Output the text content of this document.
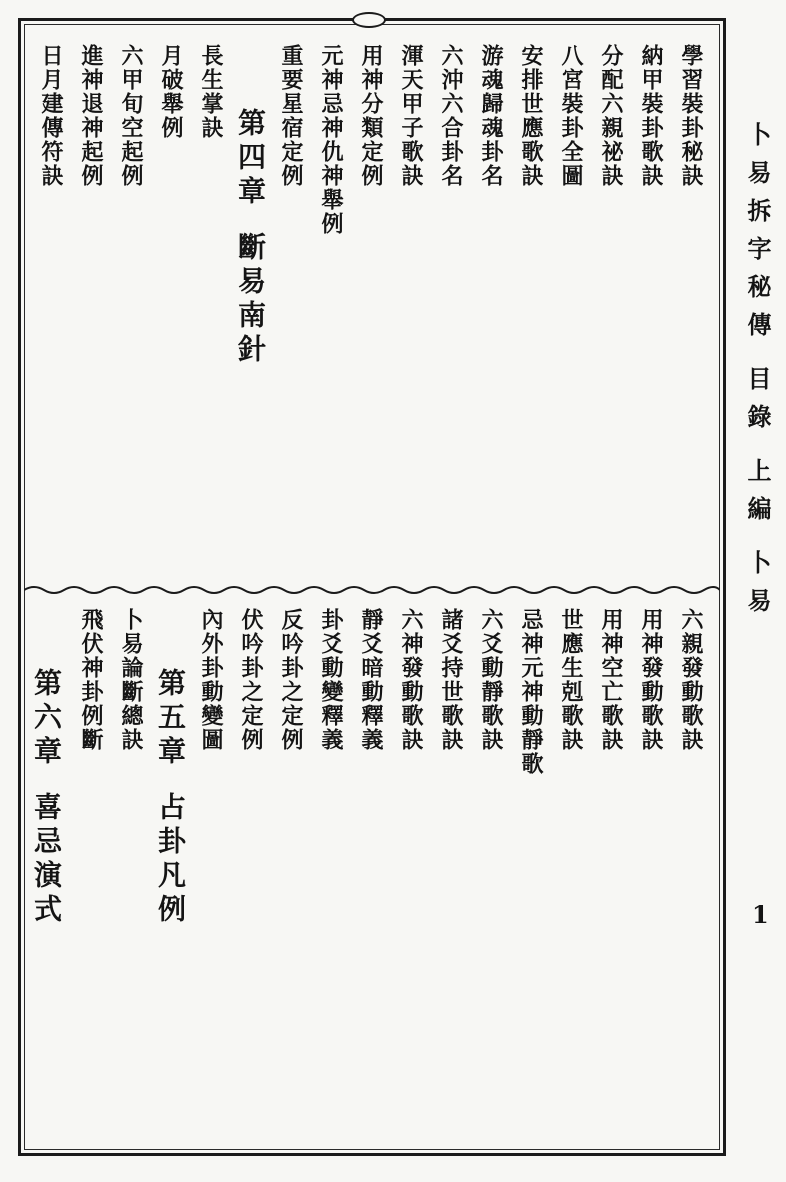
學習裝卦秘訣
納甲裝卦歌訣
分配六親祕訣
八宮裝卦全圖
安排世應歌訣
游魂歸魂卦名
六沖六合卦名
渾天甲子歌訣
用神分類定例
元神忌神仇神舉例
重要星宿定例
第四章斷易南針
長生掌訣
月破舉例
六甲旬空起例
進神退神起例
日月建傳符訣
六親發動歌訣
用神發動歌訣
用神空亡歌訣
世應生剋歌訣
忌神元神動靜歌
六爻動靜歌訣
諸爻持世歌訣
六神發動歌訣
靜爻暗動釋義
卦爻動變釋義
反吟卦之定例
伏吟卦之定例
內外卦動變圖
第五章占卦凡例
卜易論斷總訣
飛伏神卦例斷
第六章喜忌演式
卜易拆字秘傳目錄上編卜易
1
